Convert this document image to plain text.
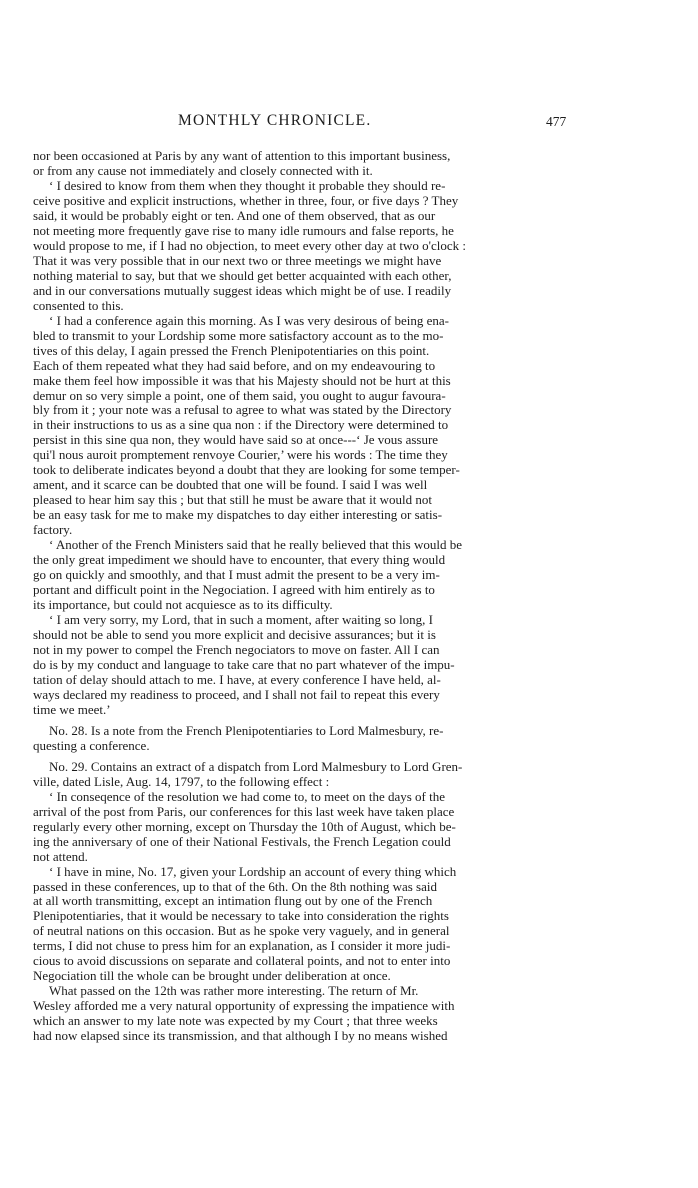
MONTHLY CHRONICLE.	477
nor been occasioned at Paris by any want of attention to this important business,
or from any cause not immediately and closely connected with it.
‘ I desired to know from them when they thought it probable they should re-
ceive positive and explicit instructions, whether in three, four, or five days ? They
said, it would be probably eight or ten. And one of them observed, that as our
not meeting more frequently gave rise to many idle rumours and false reports, he
would propose to me, if I had no objection, to meet every other day at two o'clock :
That it was very possible that in our next two or three meetings we might have
nothing material to say, but that we should get better acquainted with each other,
and in our conversations mutually suggest ideas which might be of use. I readily
consented to this.
‘ I had a conference again this morning. As I was very desirous of being ena-
bled to transmit to your Lordship some more satisfactory account as to the mo-
tives of this delay, I again pressed the French Plenipotentiaries on this point.
Each of them repeated what they had said before, and on my endeavouring to
make them feel how impossible it was that his Majesty should not be hurt at this
demur on so very simple a point, one of them said, you ought to augur favoura-
bly from it ; your note was a refusal to agree to what was stated by the Directory
in their instructions to us as a sine qua non : if the Directory were determined to
persist in this sine qua non, they would have said so at once---‘ Je vous assure
qui'l nous auroit promptement renvoye Courier,’ were his words : The time they
took to deliberate indicates beyond a doubt that they are looking for some temper-
ament, and it scarce can be doubted that one will be found. I said I was well
pleased to hear him say this ; but that still he must be aware that it would not
be an easy task for me to make my dispatches to day either interesting or satis-
factory.
‘ Another of the French Ministers said that he really believed that this would be
the only great impediment we should have to encounter, that every thing would
go on quickly and smoothly, and that I must admit the present to be a very im-
portant and difficult point in the Negociation. I agreed with him entirely as to
its importance, but could not acquiesce as to its difficulty.
‘ I am very sorry, my Lord, that in such a moment, after waiting so long, I
should not be able to send you more explicit and decisive assurances; but it is
not in my power to compel the French negociators to move on faster. All I can
do is by my conduct and language to take care that no part whatever of the impu-
tation of delay should attach to me. I have, at every conference I have held, al-
ways declared my readiness to proceed, and I shall not fail to repeat this every
time we meet.’
No. 28. Is a note from the French Plenipotentiaries to Lord Malmesbury, re-
questing a conference.
No. 29. Contains an extract of a dispatch from Lord Malmesbury to Lord Gren-
ville, dated Lisle, Aug. 14, 1797, to the following effect :
‘ In conseqence of the resolution we had come to, to meet on the days of the
arrival of the post from Paris, our conferences for this last week have taken place
regularly every other morning, except on Thursday the 10th of August, which be-
ing the anniversary of one of their National Festivals, the French Legation could
not attend.
‘ I have in mine, No. 17, given your Lordship an account of every thing which
passed in these conferences, up to that of the 6th. On the 8th nothing was said
at all worth transmitting, except an intimation flung out by one of the French
Plenipotentiaries, that it would be necessary to take into consideration the rights
of neutral nations on this occasion. But as he spoke very vaguely, and in general
terms, I did not chuse to press him for an explanation, as I consider it more judi-
cious to avoid discussions on separate and collateral points, and not to enter into
Negociation till the whole can be brought under deliberation at once.
What passed on the 12th was rather more interesting. The return of Mr.
Wesley afforded me a very natural opportunity of expressing the impatience with
which an answer to my late note was expected by my Court ; that three weeks
had now elapsed since its transmission, and that although I by no means wished
